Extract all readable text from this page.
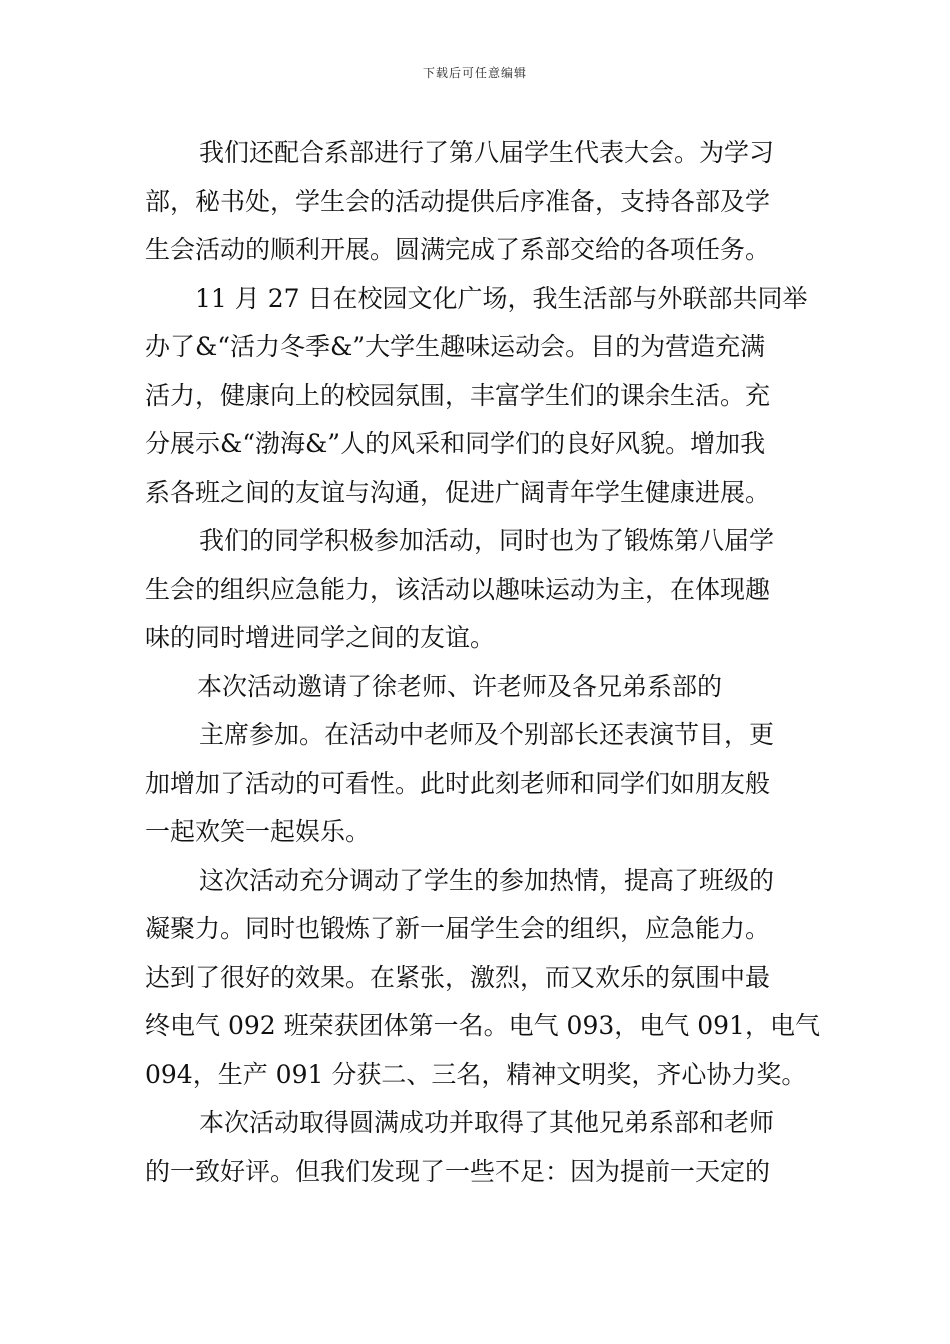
下载后可任意编辑
我们还配合系部进行了第八届学生代表大会。为学习
部，秘书处，学生会的活动提供后序准备，支持各部及学
生会活动的顺利开展。圆满完成了系部交给的各项任务。
11 月 27 日在校园文化广场，我生活部与外联部共同举
办了&“活力冬季&”大学生趣味运动会。目的为营造充满
活力，健康向上的校园氛围，丰富学生们的课余生活。充
分展示&“渤海&”人的风采和同学们的良好风貌。增加我
系各班之间的友谊与沟通，促进广阔青年学生健康进展。
我们的同学积极参加活动，同时也为了锻炼第八届学
生会的组织应急能力，该活动以趣味运动为主，在体现趣
味的同时增进同学之间的友谊。
本次活动邀请了徐老师、许老师及各兄弟系部的
主席参加。在活动中老师及个别部长还表演节目，更
加增加了活动的可看性。此时此刻老师和同学们如朋友般
一起欢笑一起娱乐。
这次活动充分调动了学生的参加热情，提高了班级的
凝聚力。同时也锻炼了新一届学生会的组织，应急能力。
达到了很好的效果。在紧张，激烈，而又欢乐的氛围中最
终电气 092 班荣获团体第一名。电气 093，电气 091，电气
094，生产 091 分获二、三名，精神文明奖，齐心协力奖。
本次活动取得圆满成功并取得了其他兄弟系部和老师
的一致好评。但我们发现了一些不足：因为提前一天定的
